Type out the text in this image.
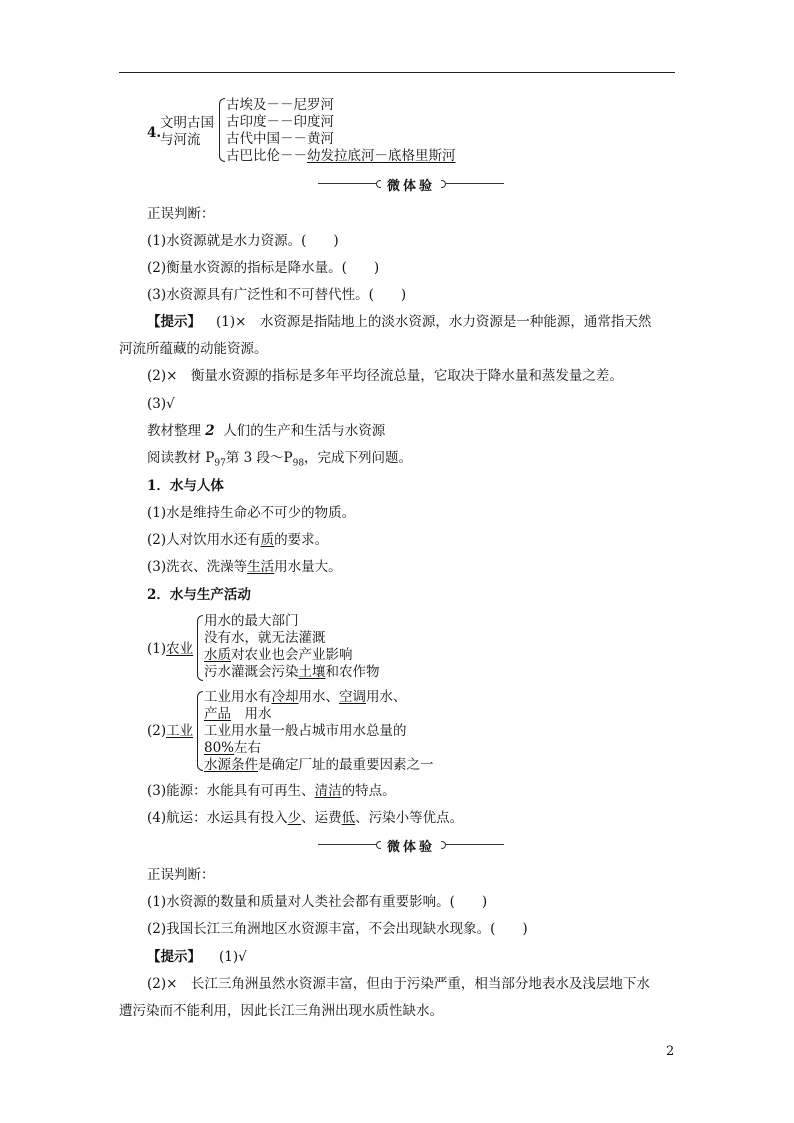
4.
文明古国
与河流
古埃及－－尼罗河
古印度－－印度河
古代中国－－黄河
古巴比伦－－幼发拉底河－底格里斯河
微体验
正误判断：
(1)水资源就是水力资源。(　　)
(2)衡量水资源的指标是降水量。(　　)
(3)水资源具有广泛性和不可替代性。(　　)
【提示】 (1)×　水资源是指陆地上的淡水资源，水力资源是一种能源，通常指天然
河流所蕴藏的动能资源。
(2)×　衡量水资源的指标是多年平均径流总量，它取决于降水量和蒸发量之差。
(3)√
教材整理 2 人们的生产和生活与水资源
阅读教材 $P_{97}$第 3 段$\sim P_{98}$，完成下列问题。
1．水与人体
(1)水是维持生命必不可少的物质。
(2)人对饮用水还有质的要求。
(3)洗衣、洗澡等生活用水量大。
2．水与生产活动
(1)农业
用水的最大部门
没有水，就无法灌溉
水质对农业也会产业影响
污水灌溉会污染土壤和农作物
(2)工业
工业用水有冷却用水、空调用水、
产品　用水
工业用水量一般占城市用水总量的
80%左右
水源条件是确定厂址的最重要因素之一
(3)能源：水能具有可再生、清洁的特点。
(4)航运：水运具有投入少、运费低、污染小等优点。
微体验
正误判断：
(1)水资源的数量和质量对人类社会都有重要影响。(　　)
(2)我国长江三角洲地区水资源丰富，不会出现缺水现象。(　　)
【提示】 (1)√
(2)×　长江三角洲虽然水资源丰富，但由于污染严重，相当部分地表水及浅层地下水
遭污染而不能利用，因此长江三角洲出现水质性缺水。
2
